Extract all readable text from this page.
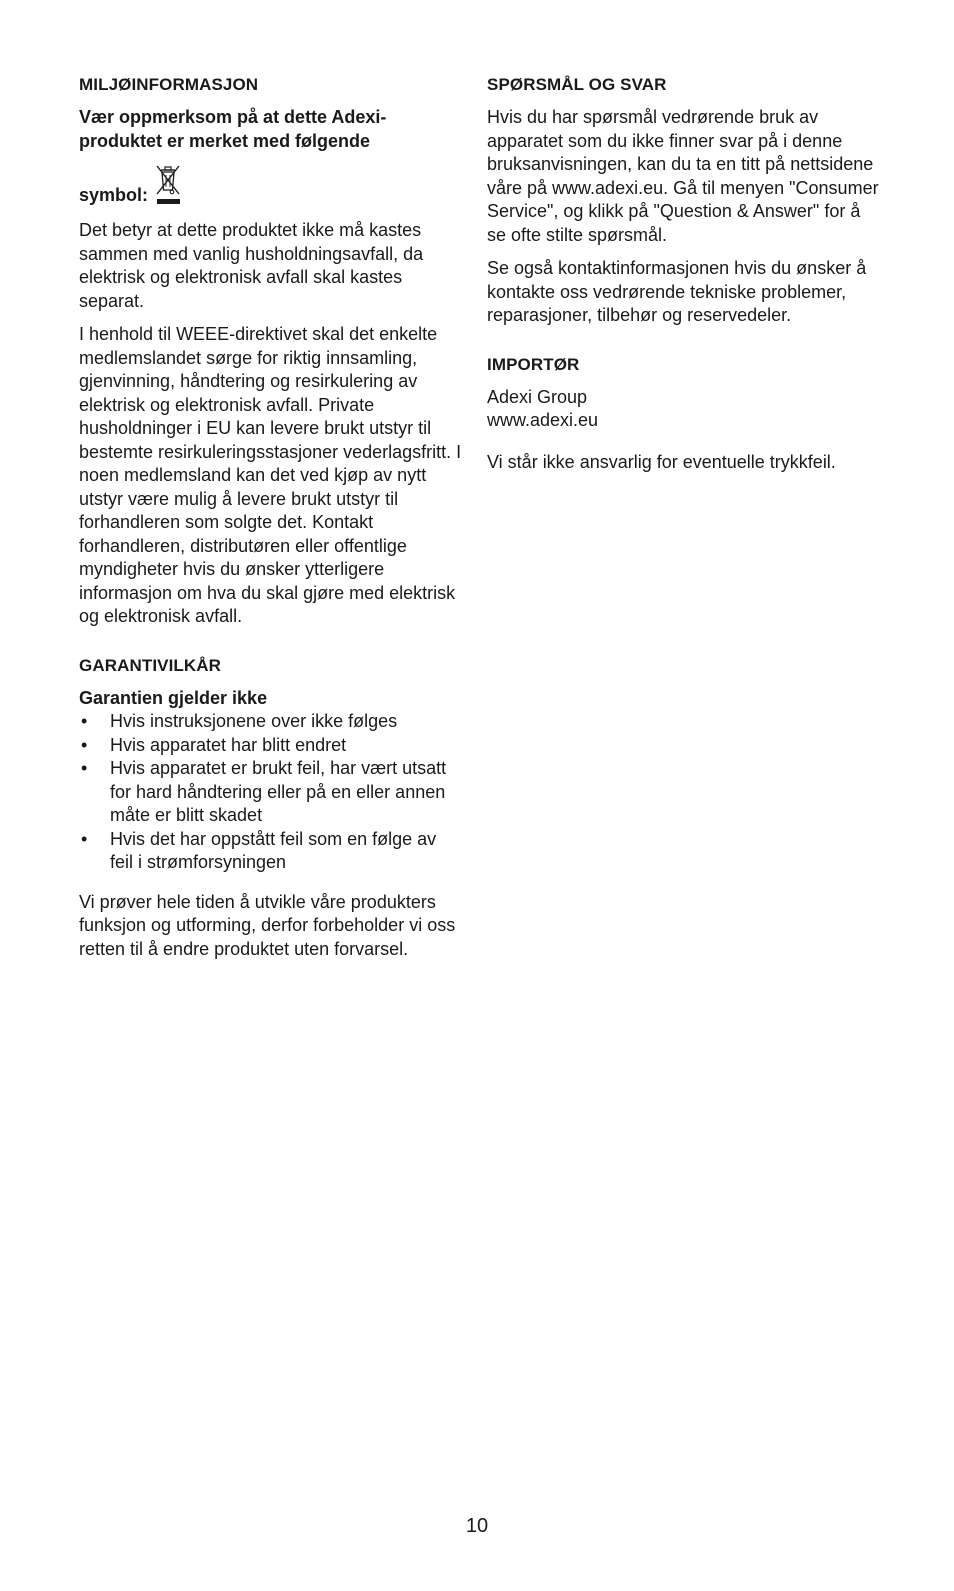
MILJØINFORMASJON

Vær oppmerksom på at dette Adexi-produktet er merket med følgende

symbol:

Det betyr at dette produktet ikke må kastes sammen med vanlig husholdningsavfall, da elektrisk og elektronisk avfall skal kastes separat.

I henhold til WEEE-direktivet skal det enkelte medlemslandet sørge for riktig innsamling, gjenvinning, håndtering og resirkulering av elektrisk og elektronisk avfall. Private husholdninger i EU kan levere brukt utstyr til bestemte resirkuleringsstasjoner vederlagsfritt. I noen medlemsland kan det ved kjøp av nytt utstyr være mulig å levere brukt utstyr til forhandleren som solgte det. Kontakt forhandleren, distributøren eller offentlige myndigheter hvis du ønsker ytterligere informasjon om hva du skal gjøre med elektrisk og elektronisk avfall.

GARANTIVILKÅR

Garantien gjelder ikke

• Hvis instruksjonene over ikke følges
• Hvis apparatet har blitt endret
• Hvis apparatet er brukt feil, har vært utsatt for hard håndtering eller på en eller annen måte er blitt skadet
• Hvis det har oppstått feil som en følge av feil i strømforsyningen

Vi prøver hele tiden å utvikle våre produkters funksjon og utforming, derfor forbeholder vi oss retten til å endre produktet uten forvarsel.

SPØRSMÅL OG SVAR

Hvis du har spørsmål vedrørende bruk av apparatet som du ikke finner svar på i denne bruksanvisningen, kan du ta en titt på nettsidene våre på www.adexi.eu. Gå til menyen "Consumer Service", og klikk på "Question & Answer" for å se ofte stilte spørsmål.

Se også kontaktinformasjonen hvis du ønsker å kontakte oss vedrørende tekniske problemer, reparasjoner, tilbehør og reservedeler.

IMPORTØR
Adexi Group

www.adexi.eu

Vi står ikke ansvarlig for eventuelle trykkfeil.

10
